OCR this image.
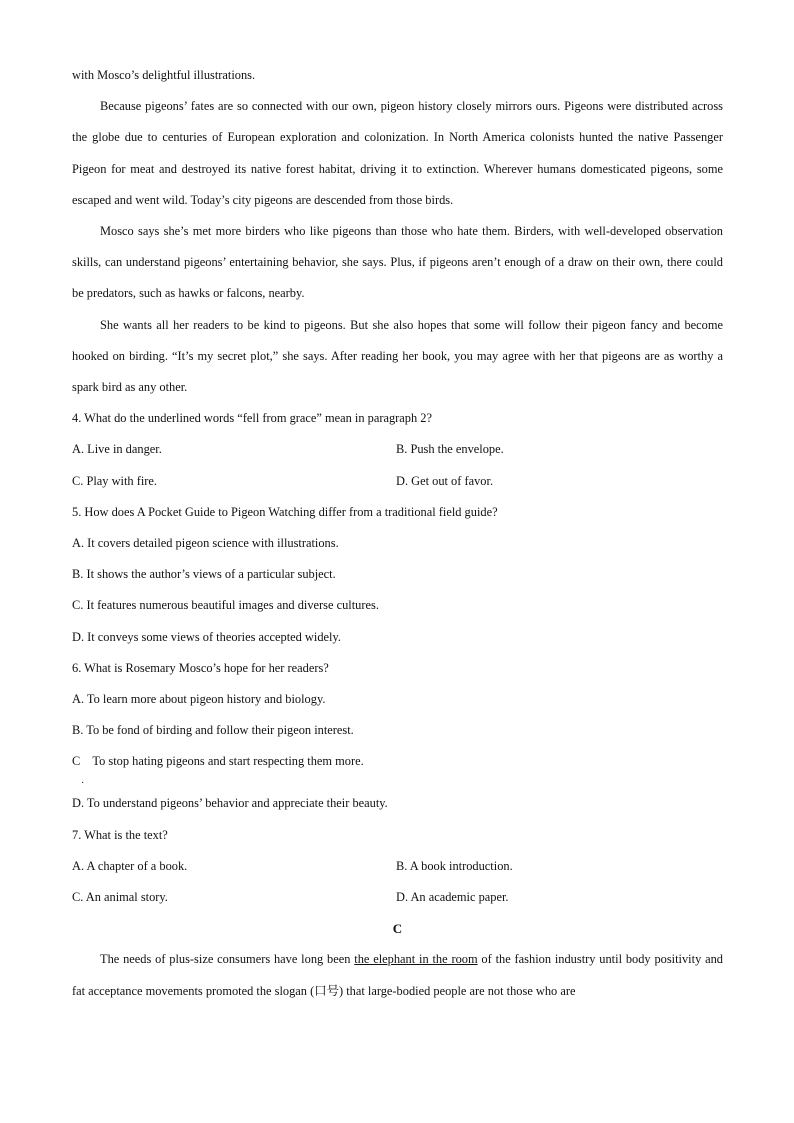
with Mosco’s delightful illustrations.

Because pigeons’ fates are so connected with our own, pigeon history closely mirrors ours. Pigeons were distributed across the globe due to centuries of European exploration and colonization. In North America colonists hunted the native Passenger Pigeon for meat and destroyed its native forest habitat, driving it to extinction. Wherever humans domesticated pigeons, some escaped and went wild. Today’s city pigeons are descended from those birds.

Mosco says she’s met more birders who like pigeons than those who hate them. Birders, with well-developed observation skills, can understand pigeons’ entertaining behavior, she says. Plus, if pigeons aren’t enough of a draw on their own, there could be predators, such as hawks or falcons, nearby.

She wants all her readers to be kind to pigeons. But she also hopes that some will follow their pigeon fancy and become hooked on birding. “It’s my secret plot,” she says. After reading her book, you may agree with her that pigeons are as worthy a spark bird as any other.

4. What do the underlined words “fell from grace” mean in paragraph 2?
A. Live in danger.	B. Push the envelope.
C. Play with fire.	D. Get out of favor.
5. How does A Pocket Guide to Pigeon Watching differ from a traditional field guide?
A. It covers detailed pigeon science with illustrations.
B. It shows the author’s views of a particular subject.
C. It features numerous beautiful images and diverse cultures.
D. It conveys some views of theories accepted widely.
6. What is Rosemary Mosco’s hope for her readers?
A. To learn more about pigeon history and biology.
B. To be fond of birding and follow their pigeon interest.
C
·
To stop hating pigeons and start respecting them more.
D. To understand pigeons’ behavior and appreciate their beauty.
7. What is the text?
A. A chapter of a book.	B. A book introduction.
C. An animal story.	D. An academic paper.
C

The needs of plus-size consumers have long been the elephant in the room of the fashion industry until body positivity and fat acceptance movements promoted the slogan (口号) that large-bodied people are not those who are
